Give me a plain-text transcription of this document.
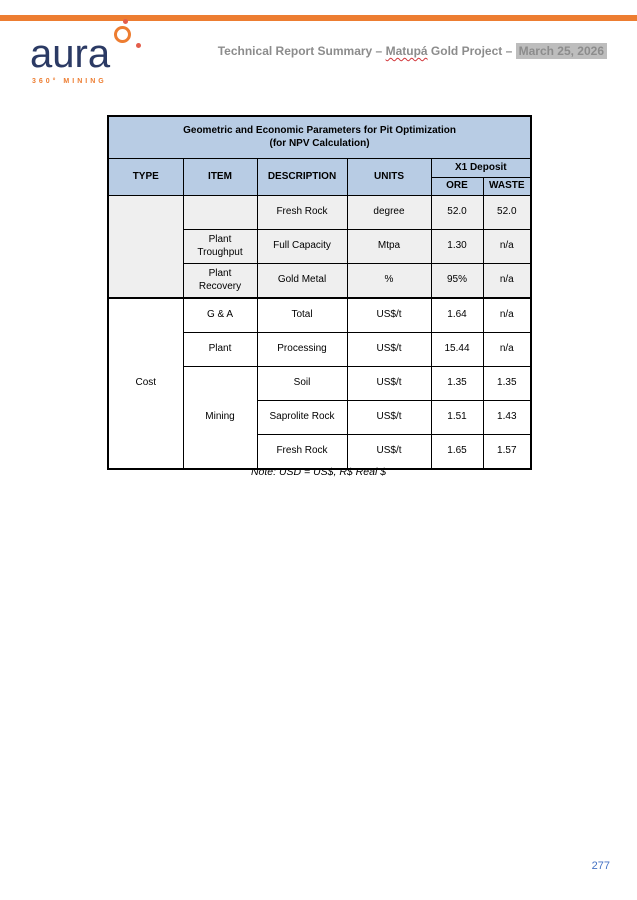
aura
360° MINING
Technical Report Summary – Matupá Gold Project – March 25, 2026
Geometric and Economic Parameters for Pit Optimization
(for NPV Calculation)					

TYPE	ITEM	DESCRIPTION	UNITS	X1 Deposit	
				ORE	WASTE
		Fresh Rock	degree	52.0	52.0
	Plant Troughput	Full Capacity	Mtpa	1.30	n/a
	Plant Recovery	Gold Metal	%	95%	n/a
Cost	G & A	Total	US$/t	1.64	n/a
	Plant	Processing	US$/t	15.44	n/a
	Mining	Soil	US$/t	1.35	1.35
		Saprolite Rock	US$/t	1.51	1.43
		Fresh Rock	US$/t	1.65	1.57
Note: USD = US$, R$ Real $
277
